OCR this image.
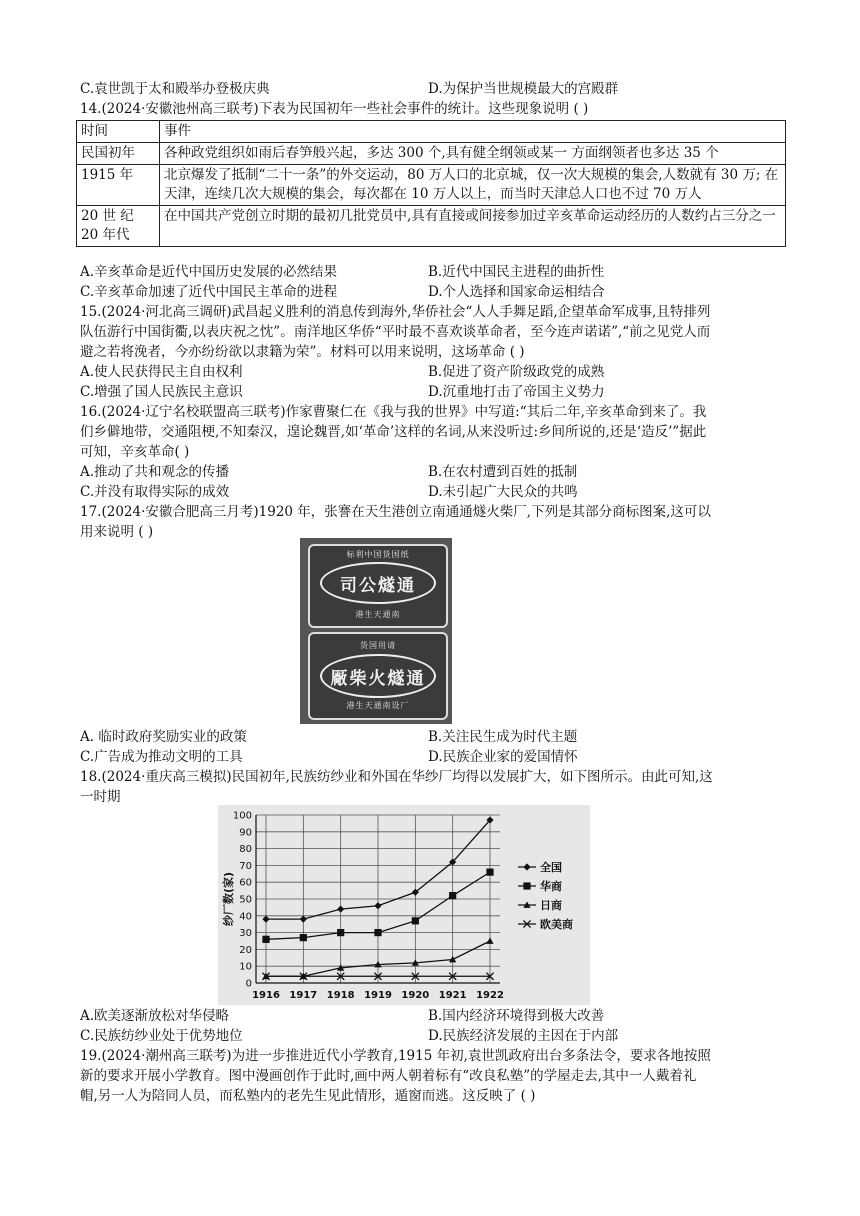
C.袁世凯于太和殿举办登极庆典	D.为保护当世规模最大的宫殿群
14.(2024·安徽池州高三联考)下表为民国初年一些社会事件的统计。这些现象说明 ( )
时间	事件
民国初年	各种政党组织如雨后春笋般兴起，多达 300 个,具有健全纲领或某一 方面纲领者也多达 35 个
1915 年	北京爆发了抵制“二十一条”的外交运动，80 万人口的北京城，仅一次大规模的集会,人数就有 30 万; 在天津，连续几次大规模的集会，每次都在 10 万人以上，而当时天津总人口也不过 70 万人
20 世 纪 20 年代	在中国共产党创立时期的最初几批党员中,具有直接或间接参加过辛亥革命运动经历的人数约占三分之一
A.辛亥革命是近代中国历史发展的必然结果	B.近代中国民主进程的曲折性
C.辛亥革命加速了近代中国民主革命的进程	D.个人选择和国家命运相结合
15.(2024·河北高三调研)武昌起义胜利的消息传到海外,华侨社会“人人手舞足蹈,企望革命军成事,且特排列
队伍游行中国街衢,以表庆祝之忱”。南洋地区华侨“平时最不喜欢谈革命者，至今连声诺诺”,“前之见党人而
避之若将浼者，今亦纷纷欲以隶籍为荣”。材料可以用来说明，这场革命 ( )
A.使人民获得民主自由权利	B.促进了资产阶级政党的成熟
C.增强了国人民族民主意识	D.沉重地打击了帝国主义势力
16.(2024·辽宁名校联盟高三联考)作家曹聚仁在《我与我的世界》中写道:“其后二年,辛亥革命到来了。我
们乡僻地带，交通阻梗,不知秦汉，遑论魏晋,如‘革命’这样的名词,从来没听过:乡间所说的,还是‘造反’”据此
可知，辛亥革命( )
A.推动了共和观念的传播	B.在农村遭到百姓的抵制
C.并没有取得实际的成效	D.未引起广大民众的共鸣
17.(2024·安徽合肥高三月考)1920 年，张謇在天生港创立南通通燧火柴厂,下列是其部分商标图案,这可以
用来说明 ( )
标利中国货国纸
司公燧通
港生天通南
货国用请
厰柴火燧通
港生天通南设厂
A. 临时政府奖励实业的政策	B.关注民生成为时代主题
C.广告成为推动文明的工具	D.民族企业家的爱国情怀
18.(2024·重庆高三模拟)民国初年,民族纺纱业和外国在华纱厂均得以发展扩大，如下图所示。由此可知,这
一时期
0
10
20
30
40
50
60
70
80
90
100
1916 1917 1918 1919 1920 1921 1922
纱厂数(家)
全国
华商
日商
欧美商
A.欧美逐渐放松对华侵略	B.国内经济环境得到极大改善
C.民族纺纱业处于优势地位	D.民族经济发展的主因在于内部
19.(2024·潮州高三联考)为进一步推进近代小学教育,1915 年初,袁世凯政府出台多条法令，要求各地按照
新的要求开展小学教育。图中漫画创作于此时,画中两人朝着标有“改良私塾”的学屋走去,其中一人戴着礼
帽,另一人为陪同人员，而私塾内的老先生见此情形，遁窗而逃。这反映了 ( )
